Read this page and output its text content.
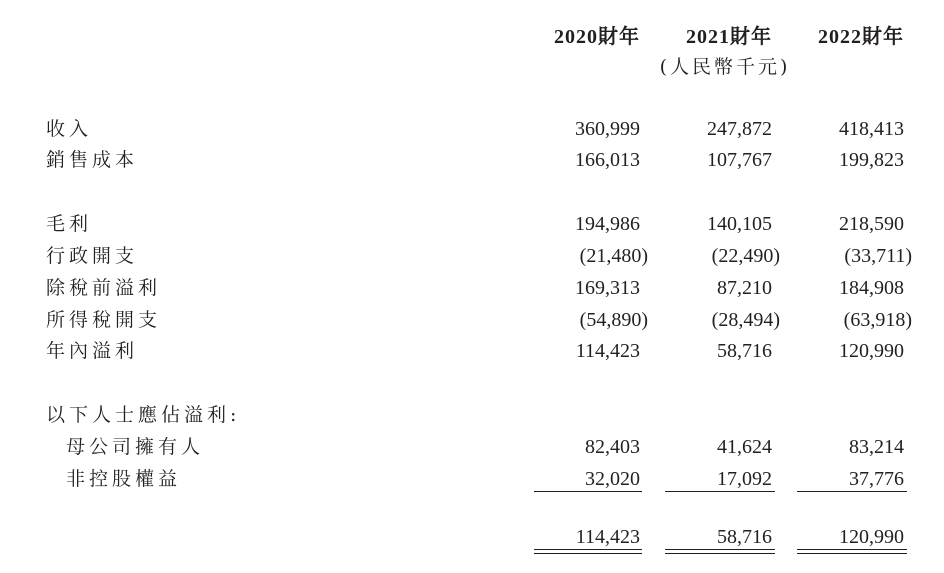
2020財年 2021財年 2022財年
(人民幣千元)
收入	360,999	247,872	418,413
銷售成本	166,013	107,767	199,823
毛利	194,986	140,105	218,590
行政開支	(21,480)	(22,490)	(33,711)
除稅前溢利	169,313	87,210	184,908
所得稅開支	(54,890)	(28,494)	(63,918)
年內溢利	114,423	58,716	120,990
以下人士應佔溢利:
母公司擁有人	82,403	41,624	83,214
非控股權益	32,020	17,092	37,776
114,423	58,716	120,990
